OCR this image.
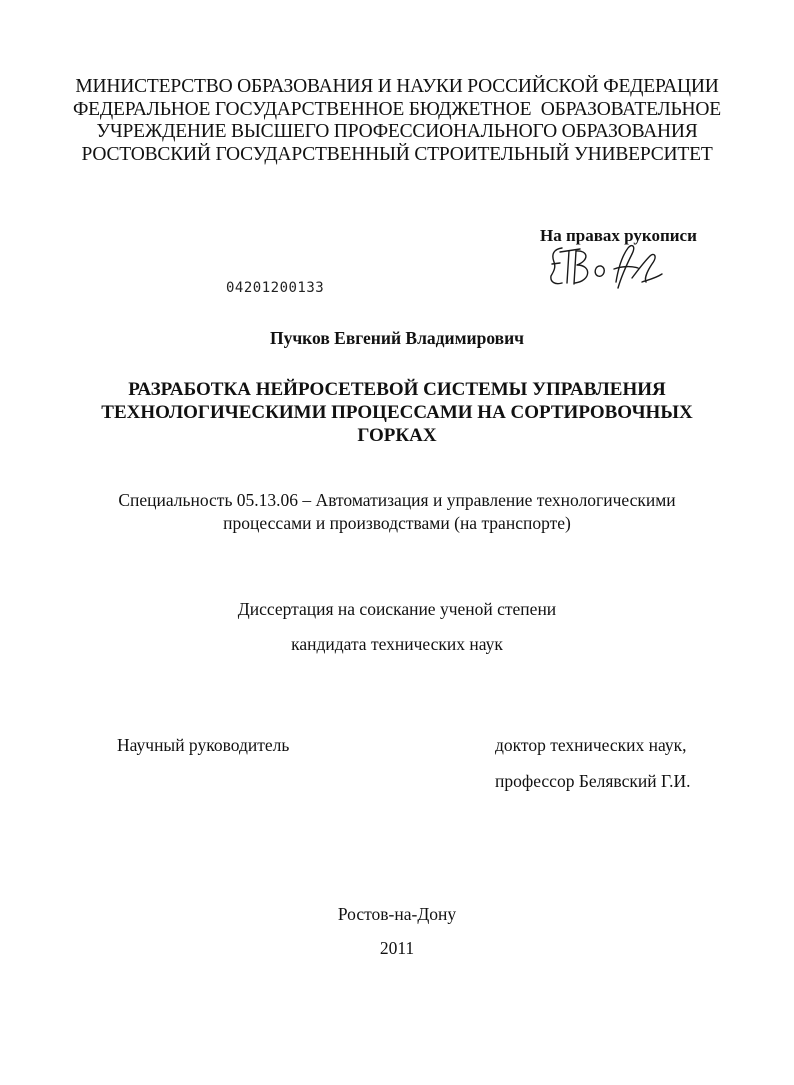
МИНИСТЕРСТВО ОБРАЗОВАНИЯ И НАУКИ РОССИЙСКОЙ ФЕДЕРАЦИИ
ФЕДЕРАЛЬНОЕ ГОСУДАРСТВЕННОЕ БЮДЖЕТНОЕ  ОБРАЗОВАТЕЛЬНОЕ
УЧРЕЖДЕНИЕ ВЫСШЕГО ПРОФЕССИОНАЛЬНОГО ОБРАЗОВАНИЯ
РОСТОВСКИЙ ГОСУДАРСТВЕННЫЙ СТРОИТЕЛЬНЫЙ УНИВЕРСИТЕТ
На правах рукописи
04201200133
Пучков Евгений Владимирович
РАЗРАБОТКА НЕЙРОСЕТЕВОЙ СИСТЕМЫ УПРАВЛЕНИЯ
ТЕХНОЛОГИЧЕСКИМИ ПРОЦЕССАМИ НА СОРТИРОВОЧНЫХ
ГОРКАХ
Специальность 05.13.06 – Автоматизация и управление технологическими
процессами и производствами (на транспорте)
Диссертация на соискание ученой степени
кандидата технических наук
Научный руководитель	доктор технических наук,
профессор Белявский Г.И.
Ростов-на-Дону
2011
